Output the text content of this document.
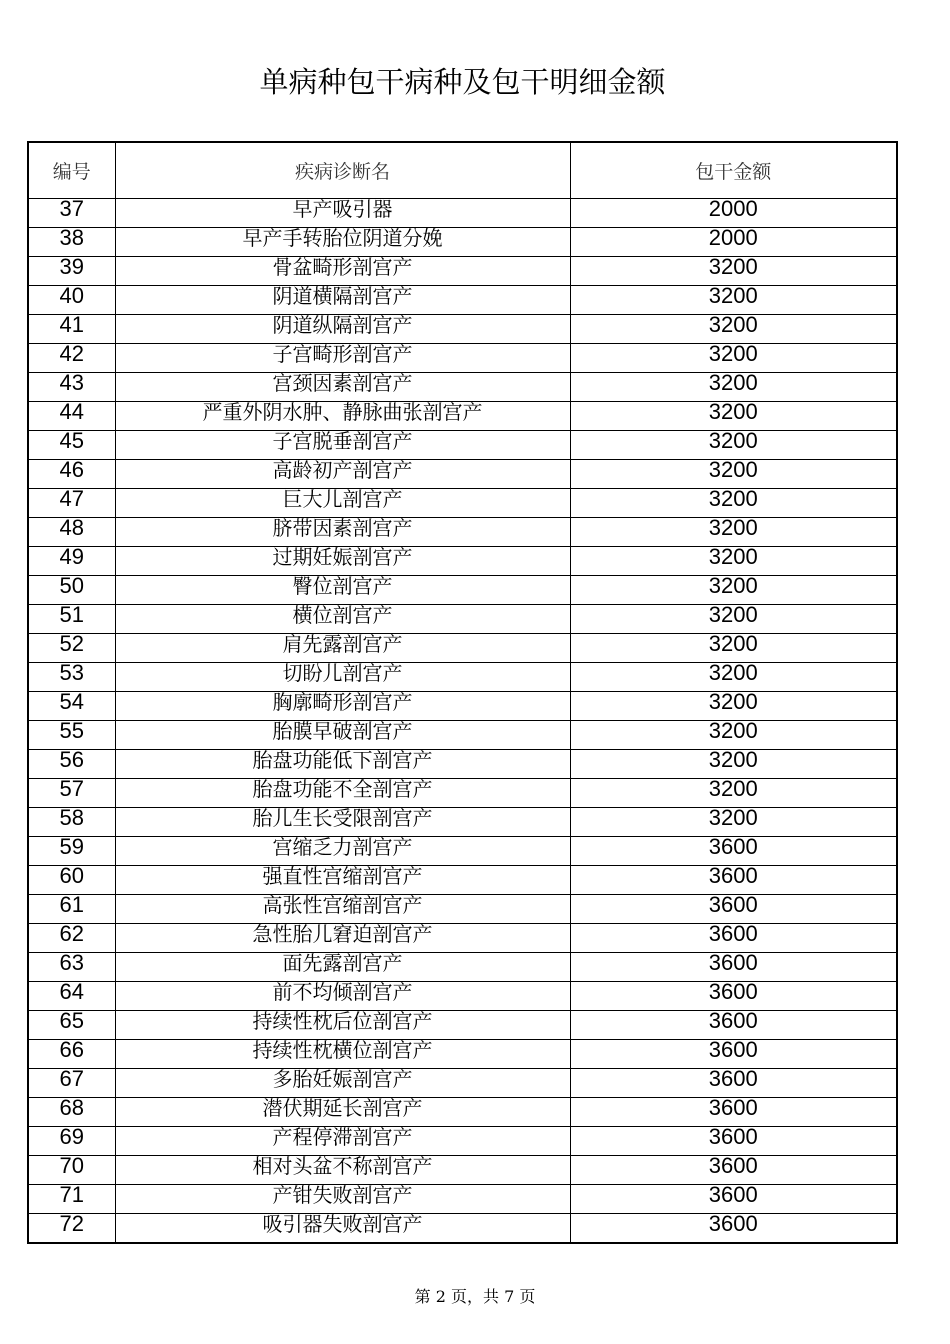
单病种包干病种及包干明细金额
编号	疾病诊断名	包干金额
37	早产吸引器	2000
38	早产手转胎位阴道分娩	2000
39	骨盆畸形剖宫产	3200
40	阴道横隔剖宫产	3200
41	阴道纵隔剖宫产	3200
42	子宫畸形剖宫产	3200
43	宫颈因素剖宫产	3200
44	严重外阴水肿、静脉曲张剖宫产	3200
45	子宫脱垂剖宫产	3200
46	高龄初产剖宫产	3200
47	巨大儿剖宫产	3200
48	脐带因素剖宫产	3200
49	过期妊娠剖宫产	3200
50	臀位剖宫产	3200
51	横位剖宫产	3200
52	肩先露剖宫产	3200
53	切盼儿剖宫产	3200
54	胸廓畸形剖宫产	3200
55	胎膜早破剖宫产	3200
56	胎盘功能低下剖宫产	3200
57	胎盘功能不全剖宫产	3200
58	胎儿生长受限剖宫产	3200
59	宫缩乏力剖宫产	3600
60	强直性宫缩剖宫产	3600
61	高张性宫缩剖宫产	3600
62	急性胎儿窘迫剖宫产	3600
63	面先露剖宫产	3600
64	前不均倾剖宫产	3600
65	持续性枕后位剖宫产	3600
66	持续性枕横位剖宫产	3600
67	多胎妊娠剖宫产	3600
68	潜伏期延长剖宫产	3600
69	产程停滞剖宫产	3600
70	相对头盆不称剖宫产	3600
71	产钳失败剖宫产	3600
72	吸引器失败剖宫产	3600
第 2 页，共 7 页
